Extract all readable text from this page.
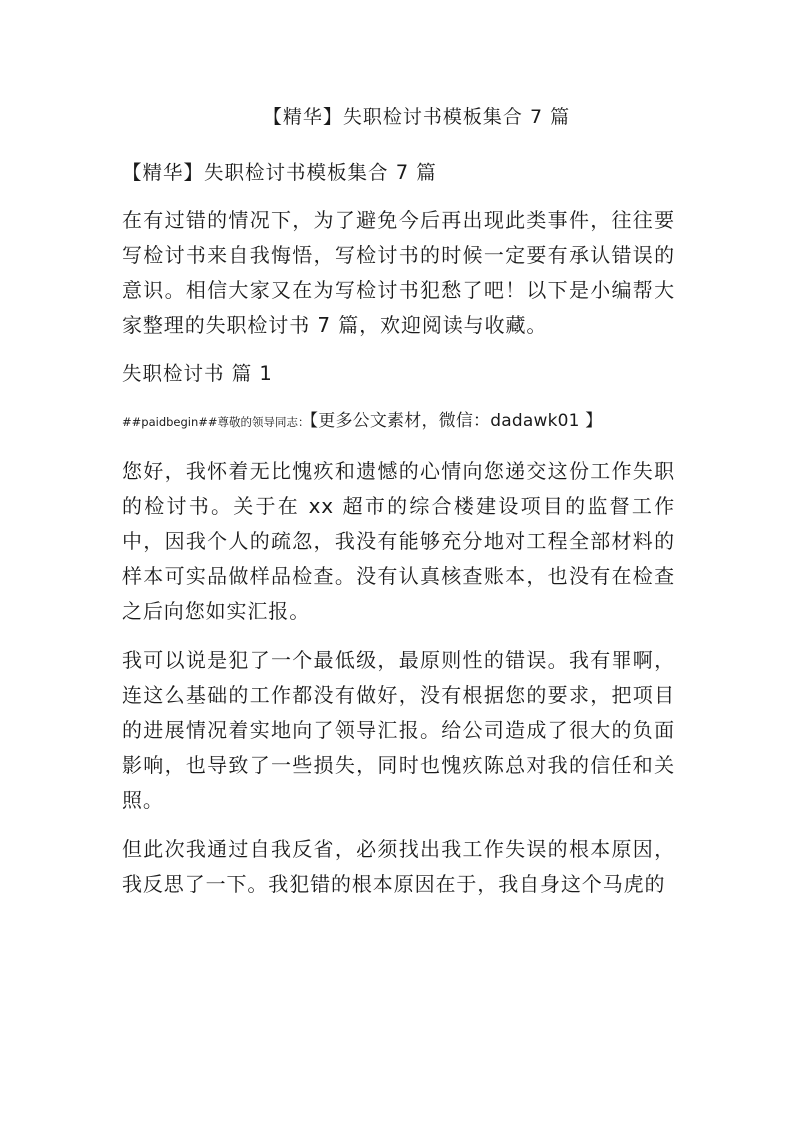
【精华】失职检讨书模板集合 7 篇

【精华】失职检讨书模板集合 7 篇

在有过错的情况下，为了避免今后再出现此类事件，往往要写检讨书来自我悔悟，写检讨书的时候一定要有承认错误的意识。相信大家又在为写检讨书犯愁了吧！以下是小编帮大家整理的失职检讨书 7 篇，欢迎阅读与收藏。

失职检讨书 篇 1

##paidbegin##尊敬的领导同志：【更多公文素材，微信：dadawk01 】

您好，我怀着无比愧疚和遗憾的心情向您递交这份工作失职的检讨书。关于在 xx 超市的综合楼建设项目的监督工作中，因我个人的疏忽，我没有能够充分地对工程全部材料的样本可实品做样品检查。没有认真核查账本，也没有在检查之后向您如实汇报。

我可以说是犯了一个最低级，最原则性的错误。我有罪啊，连这么基础的工作都没有做好，没有根据您的要求，把项目的进展情况着实地向了领导汇报。给公司造成了很大的负面影响，也导致了一些损失，同时也愧疚陈总对我的信任和关照。

但此次我通过自我反省，必须找出我工作失误的根本原因，我反思了一下。我犯错的根本原因在于，我自身这个马虎的
